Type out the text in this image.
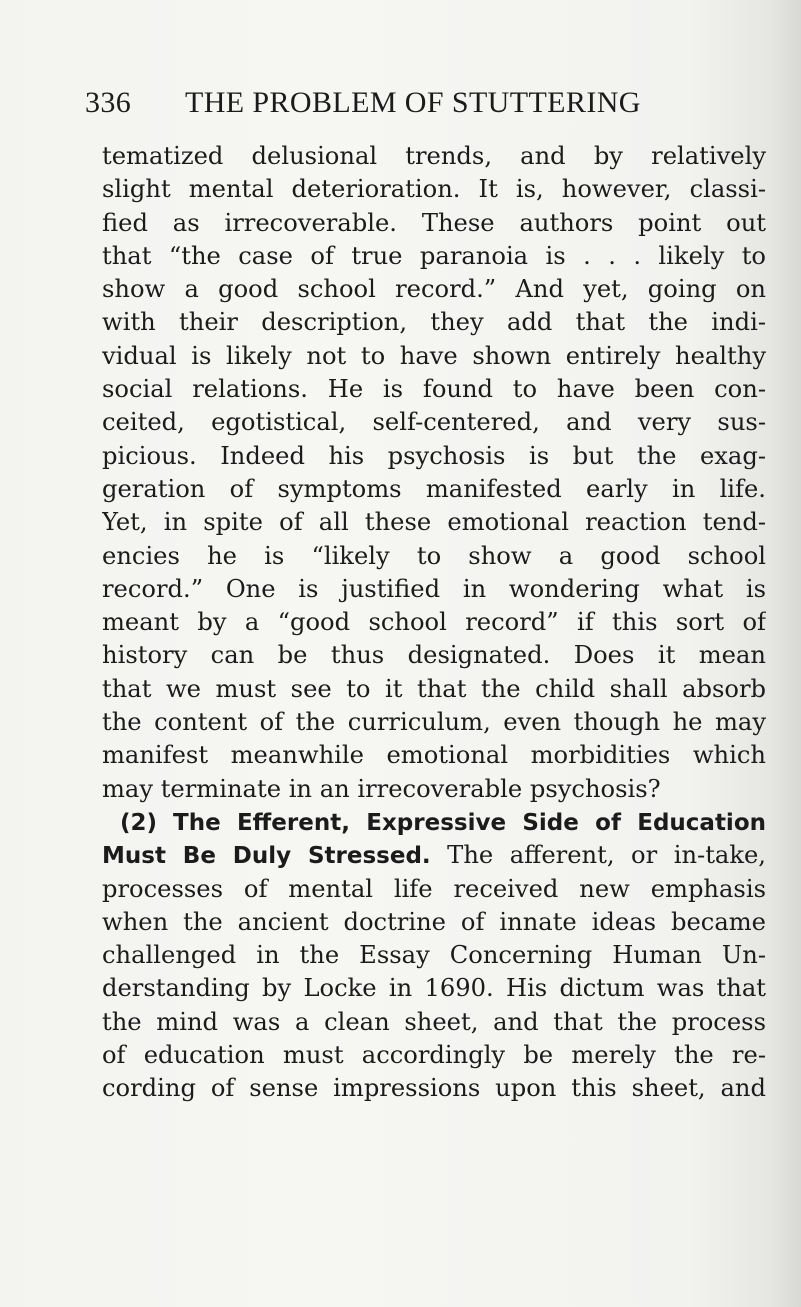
336 THE PROBLEM OF STUTTERING
tematized delusional trends, and by relatively
slight mental deterioration. It is, however, classi-
fied as irrecoverable. These authors point out
that “the case of true paranoia is . . . likely to
show a good school record.” And yet, going on
with their description, they add that the indi-
vidual is likely not to have shown entirely healthy
social relations. He is found to have been con-
ceited, egotistical, self-centered, and very sus-
picious. Indeed his psychosis is but the exag-
geration of symptoms manifested early in life.
Yet, in spite of all these emotional reaction tend-
encies he is “likely to show a good school
record.” One is justified in wondering what is
meant by a “good school record” if this sort of
history can be thus designated. Does it mean
that we must see to it that the child shall absorb
the content of the curriculum, even though he may
manifest meanwhile emotional morbidities which
may terminate in an irrecoverable psychosis?
(2) The Efferent, Expressive Side of Education
Must Be Duly Stressed. The afferent, or in-take,
processes of mental life received new emphasis
when the ancient doctrine of innate ideas became
challenged in the Essay Concerning Human Un-
derstanding by Locke in 1690. His dictum was that
the mind was a clean sheet, and that the process
of education must accordingly be merely the re-
cording of sense impressions upon this sheet, and
